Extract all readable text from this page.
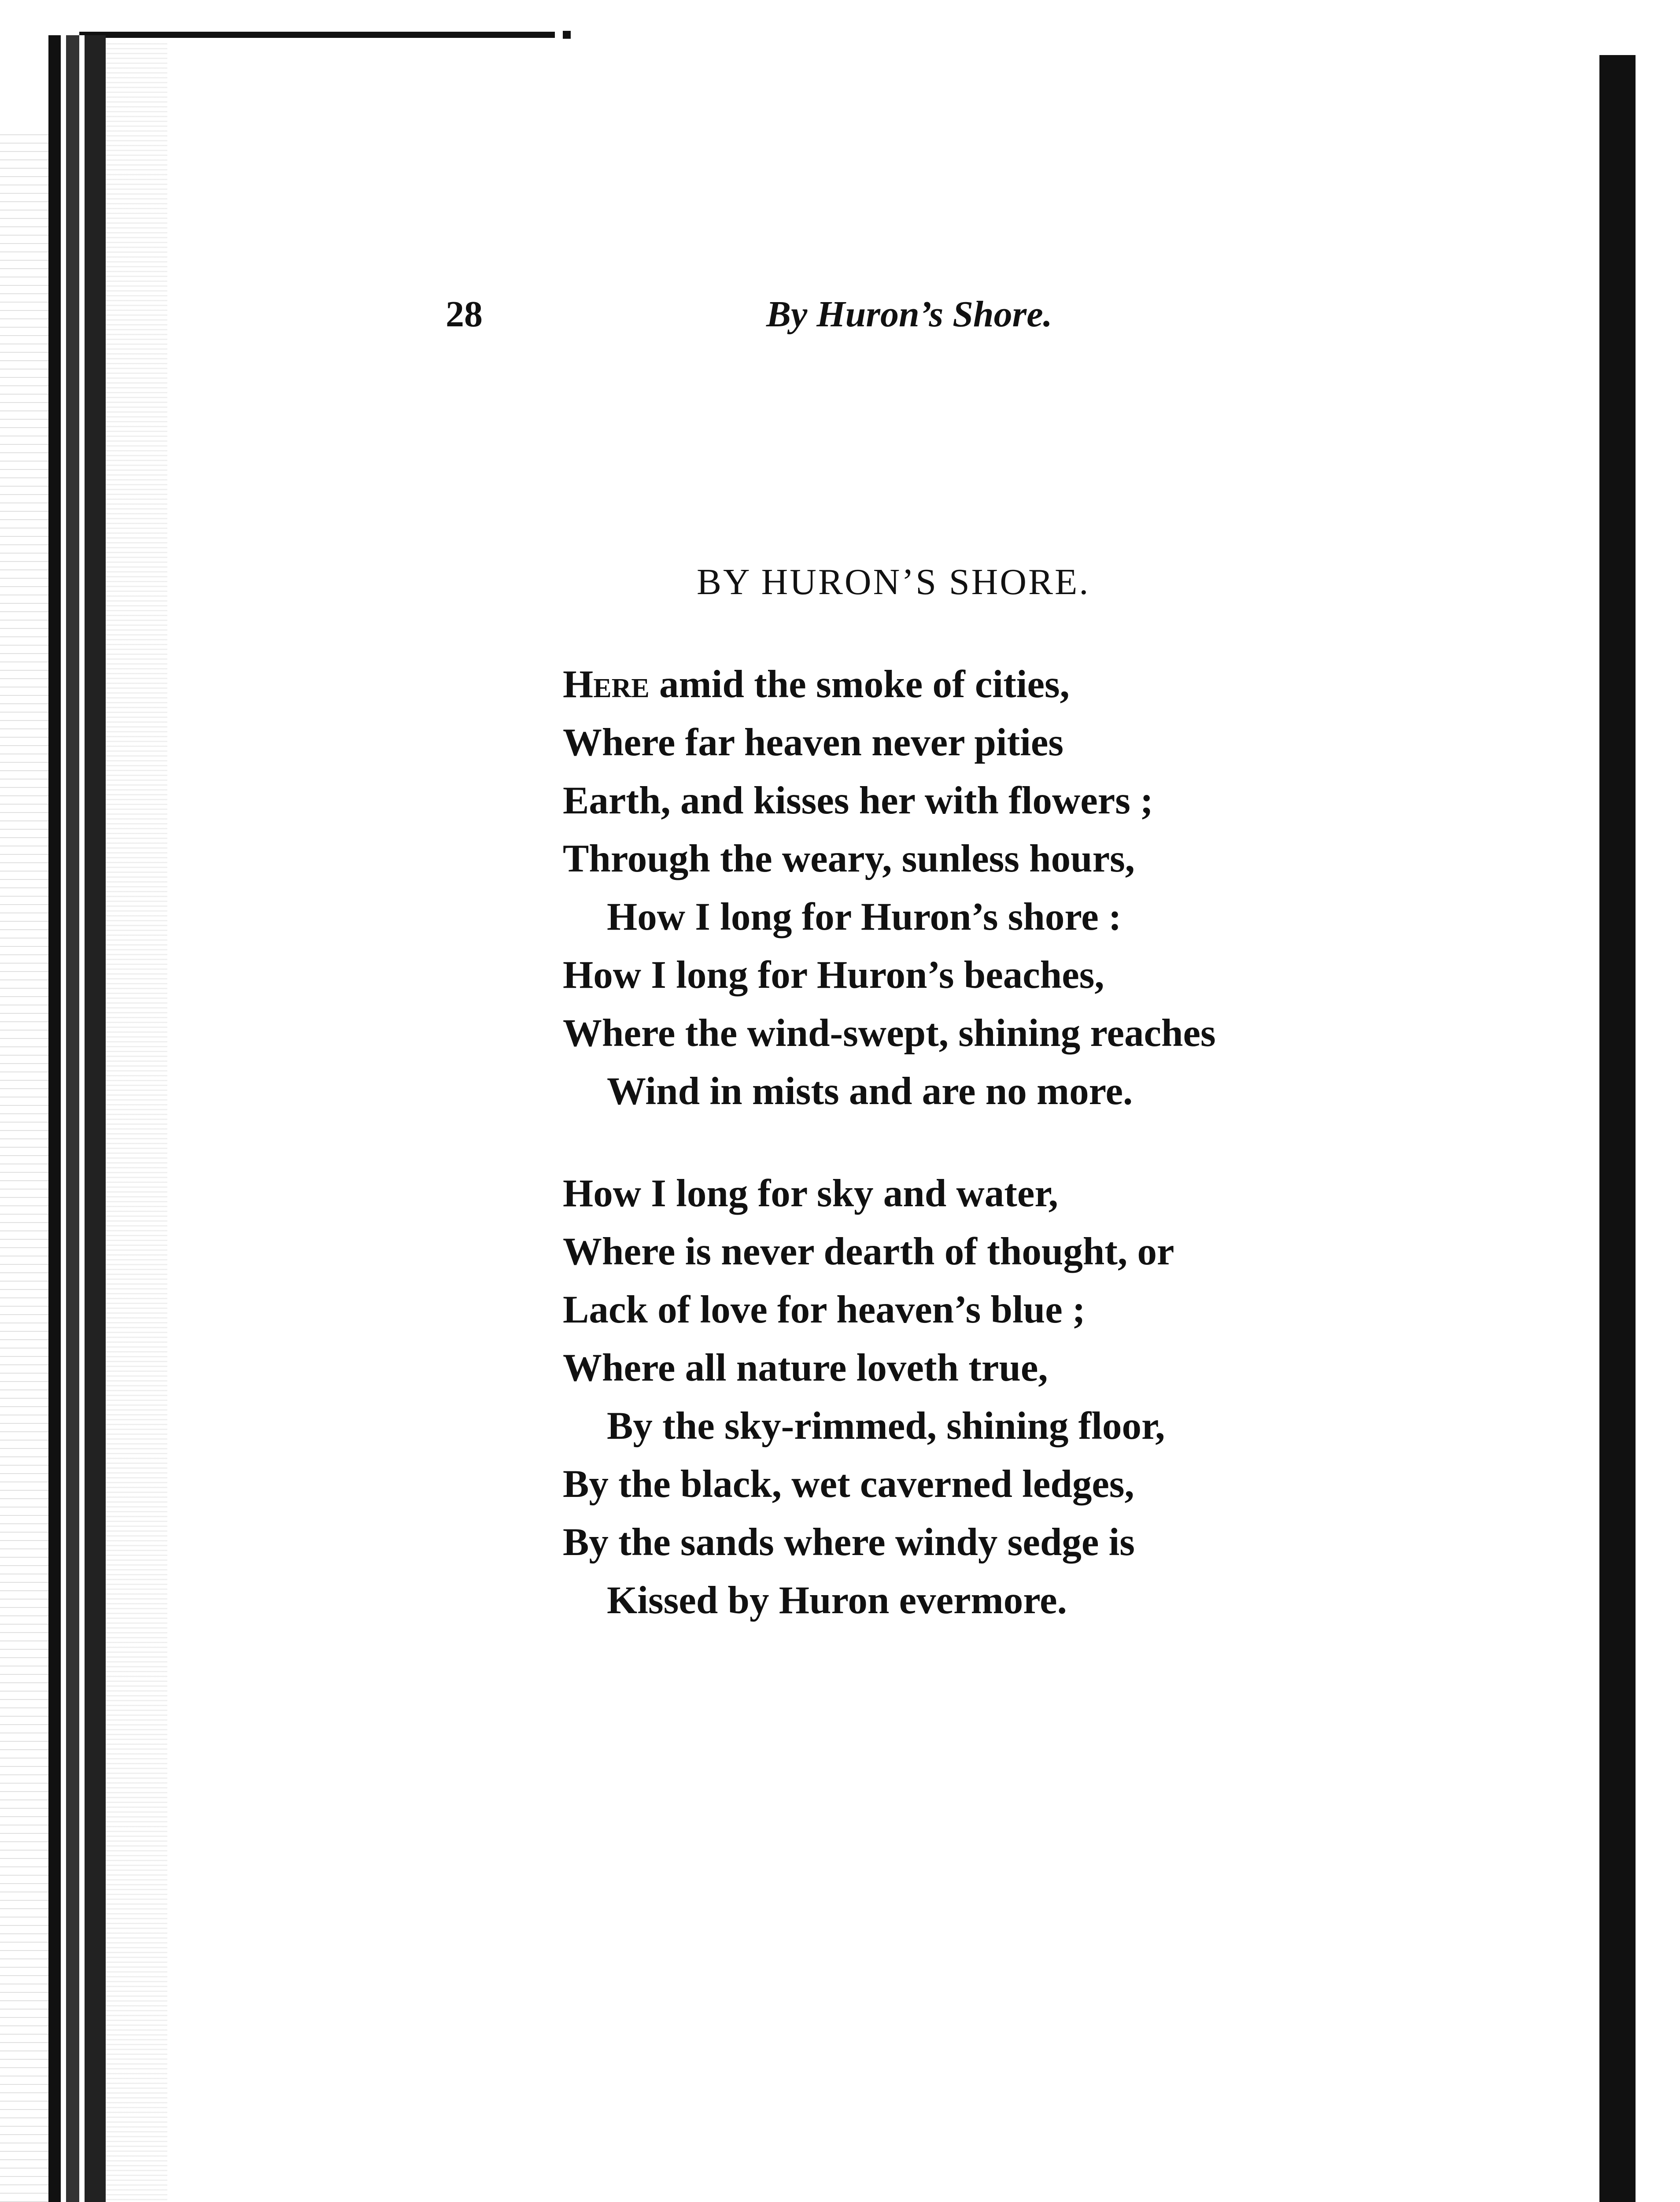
28	By Huron’s Shore.
BY HURON’S SHORE.
Here amid the smoke of cities,
Where far heaven never pities
Earth, and kisses her with flowers ;
Through the weary, sunless hours,
How I long for Huron’s shore :
How I long for Huron’s beaches,
Where the wind-swept, shining reaches
Wind in mists and are no more.
How I long for sky and water,
Where is never dearth of thought, or
Lack of love for heaven’s blue ;
Where all nature loveth true,
By the sky-rimmed, shining floor,
By the black, wet caverned ledges,
By the sands where windy sedge is
Kissed by Huron evermore.
